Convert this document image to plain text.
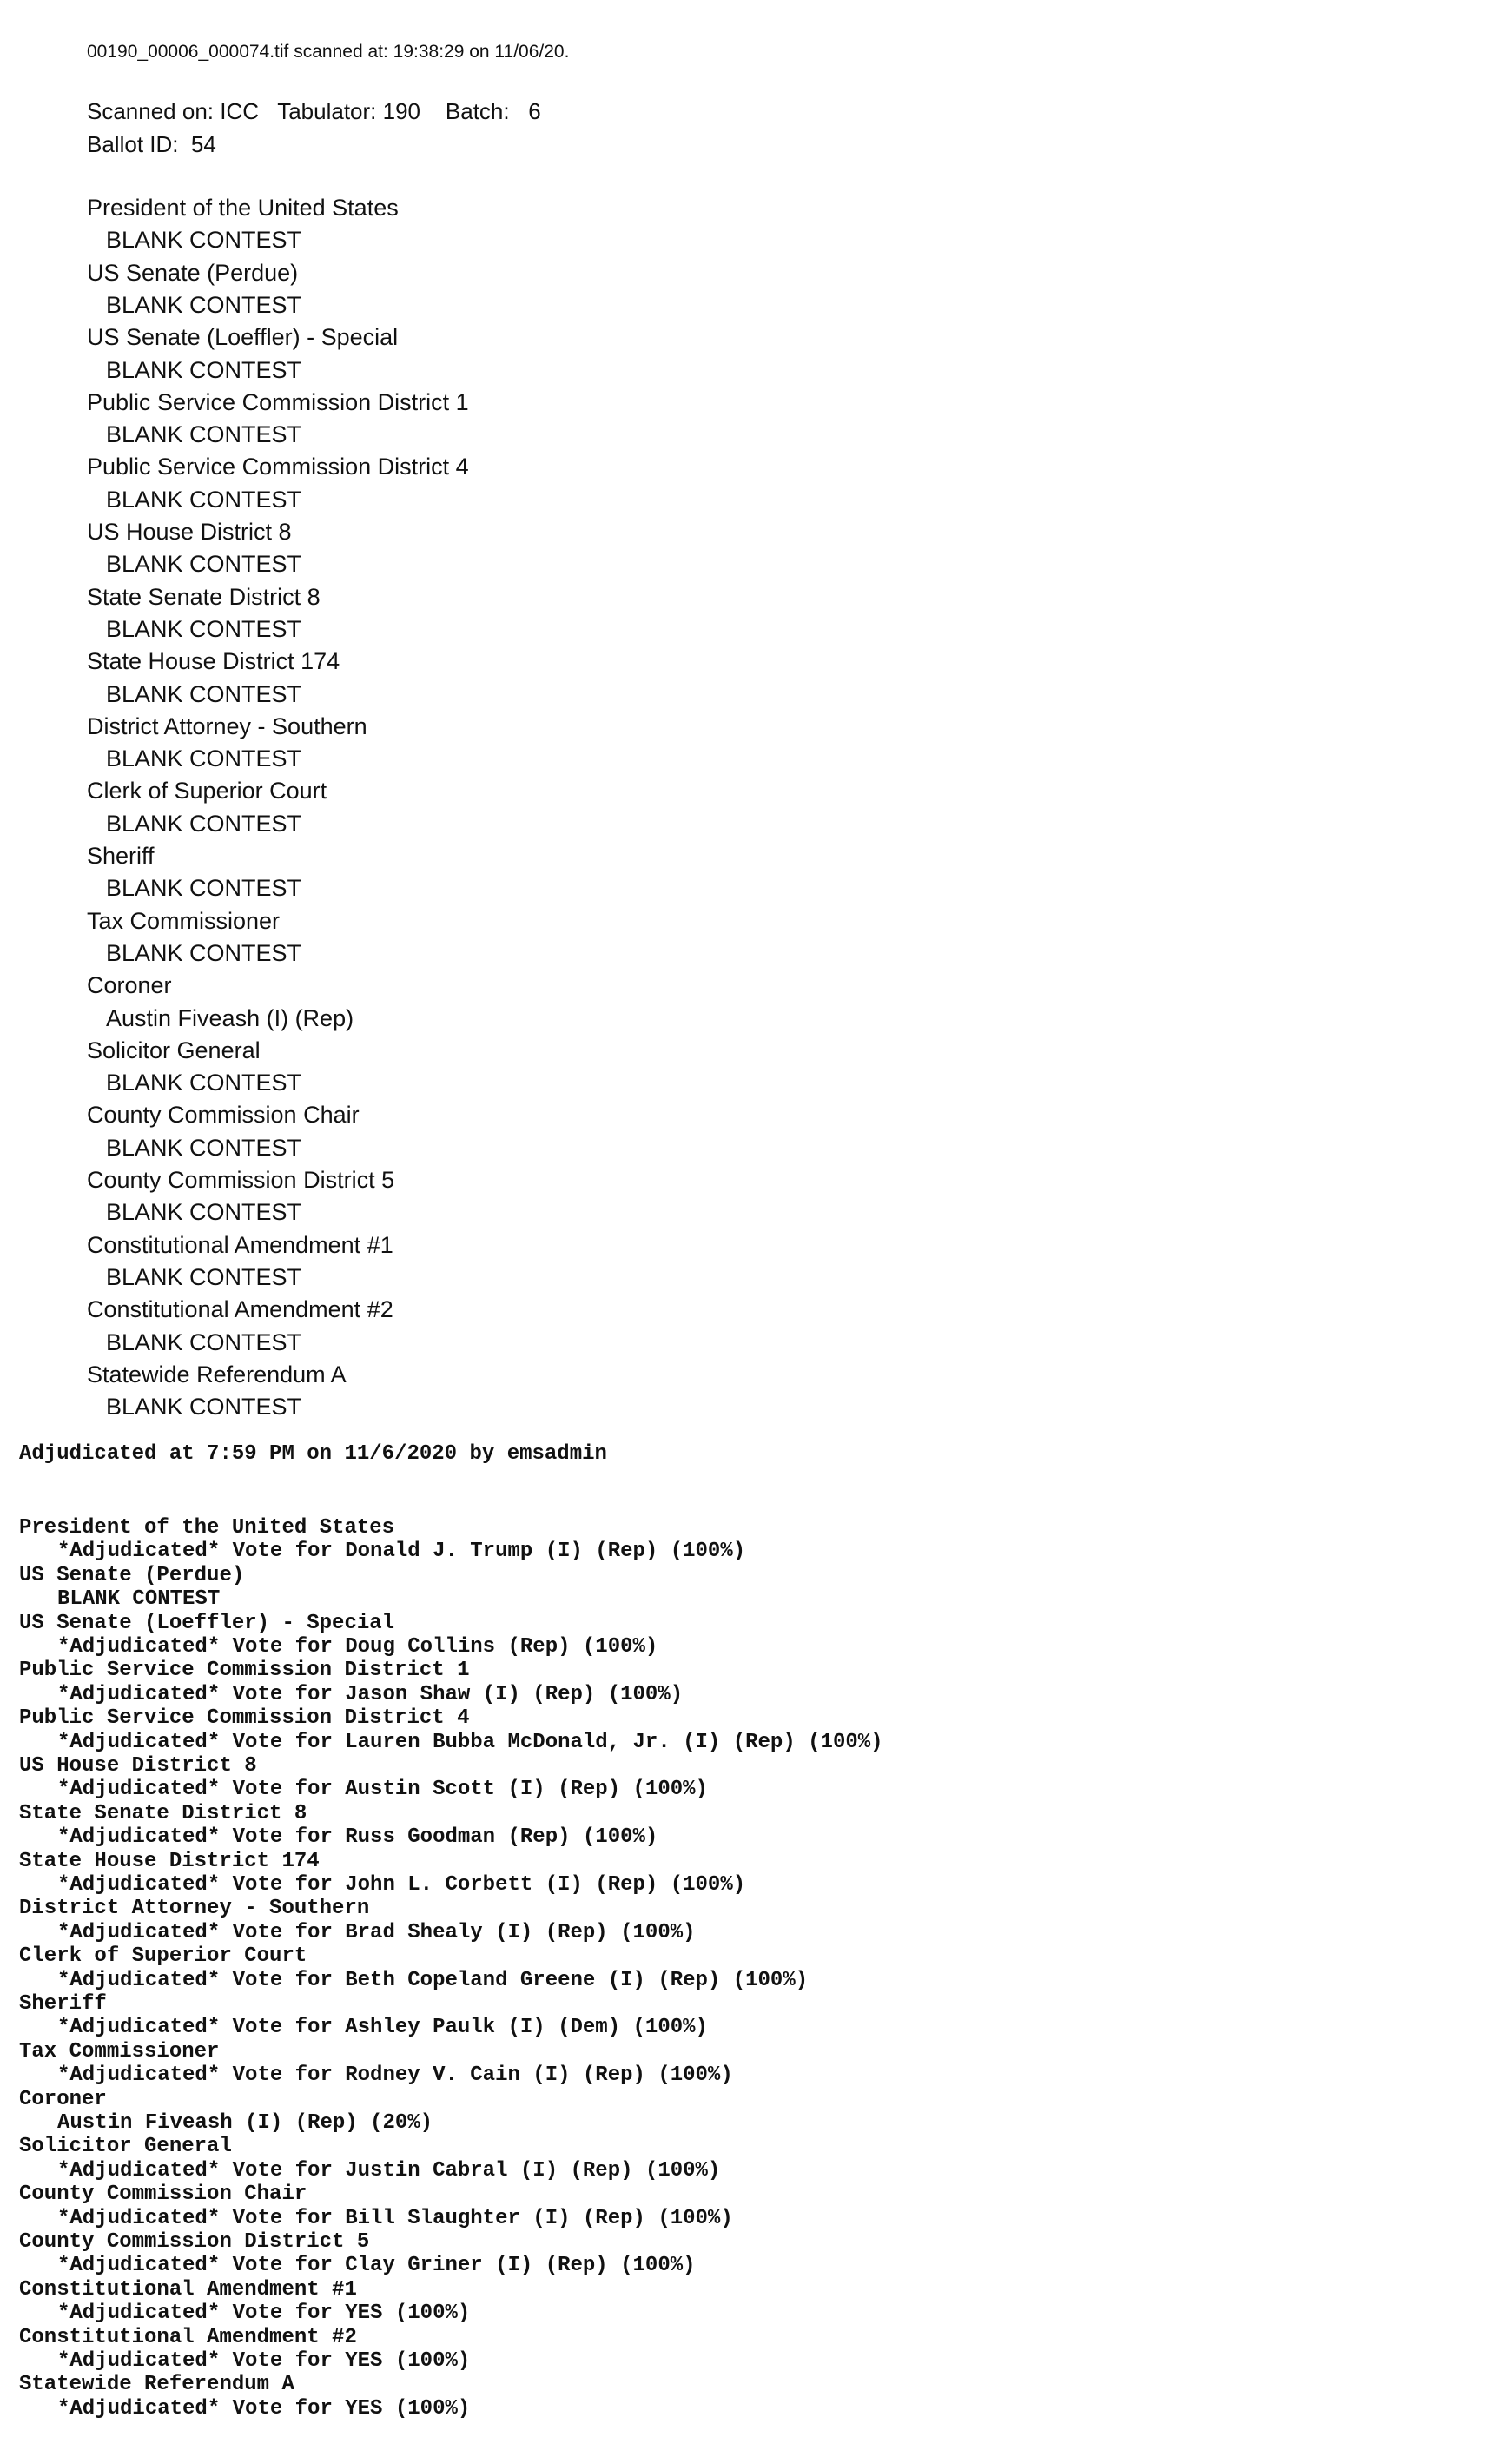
00190_00006_000074.tif scanned at: 19:38:29 on 11/06/20.
Scanned on: ICC   Tabulator: 190    Batch:   6
Ballot ID:  54
President of the United States
BLANK CONTEST
US Senate (Perdue)
BLANK CONTEST
US Senate (Loeffler) - Special
BLANK CONTEST
Public Service Commission District 1
BLANK CONTEST
Public Service Commission District 4
BLANK CONTEST
US House District 8
BLANK CONTEST
State Senate District 8
BLANK CONTEST
State House District 174
BLANK CONTEST
District Attorney - Southern
BLANK CONTEST
Clerk of Superior Court
BLANK CONTEST
Sheriff
BLANK CONTEST
Tax Commissioner
BLANK CONTEST
Coroner
Austin Fiveash (I) (Rep)
Solicitor General
BLANK CONTEST
County Commission Chair
BLANK CONTEST
County Commission District 5
BLANK CONTEST
Constitutional Amendment #1
BLANK CONTEST
Constitutional Amendment #2
BLANK CONTEST
Statewide Referendum A
BLANK CONTEST
Adjudicated at 7:59 PM on 11/6/2020 by emsadmin
President of the United States
*Adjudicated* Vote for Donald J. Trump (I) (Rep) (100%)
US Senate (Perdue)
BLANK CONTEST
US Senate (Loeffler) - Special
*Adjudicated* Vote for Doug Collins (Rep) (100%)
Public Service Commission District 1
*Adjudicated* Vote for Jason Shaw (I) (Rep) (100%)
Public Service Commission District 4
*Adjudicated* Vote for Lauren Bubba McDonald, Jr. (I) (Rep) (100%)
US House District 8
*Adjudicated* Vote for Austin Scott (I) (Rep) (100%)
State Senate District 8
*Adjudicated* Vote for Russ Goodman (Rep) (100%)
State House District 174
*Adjudicated* Vote for John L. Corbett (I) (Rep) (100%)
District Attorney - Southern
*Adjudicated* Vote for Brad Shealy (I) (Rep) (100%)
Clerk of Superior Court
*Adjudicated* Vote for Beth Copeland Greene (I) (Rep) (100%)
Sheriff
*Adjudicated* Vote for Ashley Paulk (I) (Dem) (100%)
Tax Commissioner
*Adjudicated* Vote for Rodney V. Cain (I) (Rep) (100%)
Coroner
Austin Fiveash (I) (Rep) (20%)
Solicitor General
*Adjudicated* Vote for Justin Cabral (I) (Rep) (100%)
County Commission Chair
*Adjudicated* Vote for Bill Slaughter (I) (Rep) (100%)
County Commission District 5
*Adjudicated* Vote for Clay Griner (I) (Rep) (100%)
Constitutional Amendment #1
*Adjudicated* Vote for YES (100%)
Constitutional Amendment #2
*Adjudicated* Vote for YES (100%)
Statewide Referendum A
*Adjudicated* Vote for YES (100%)
